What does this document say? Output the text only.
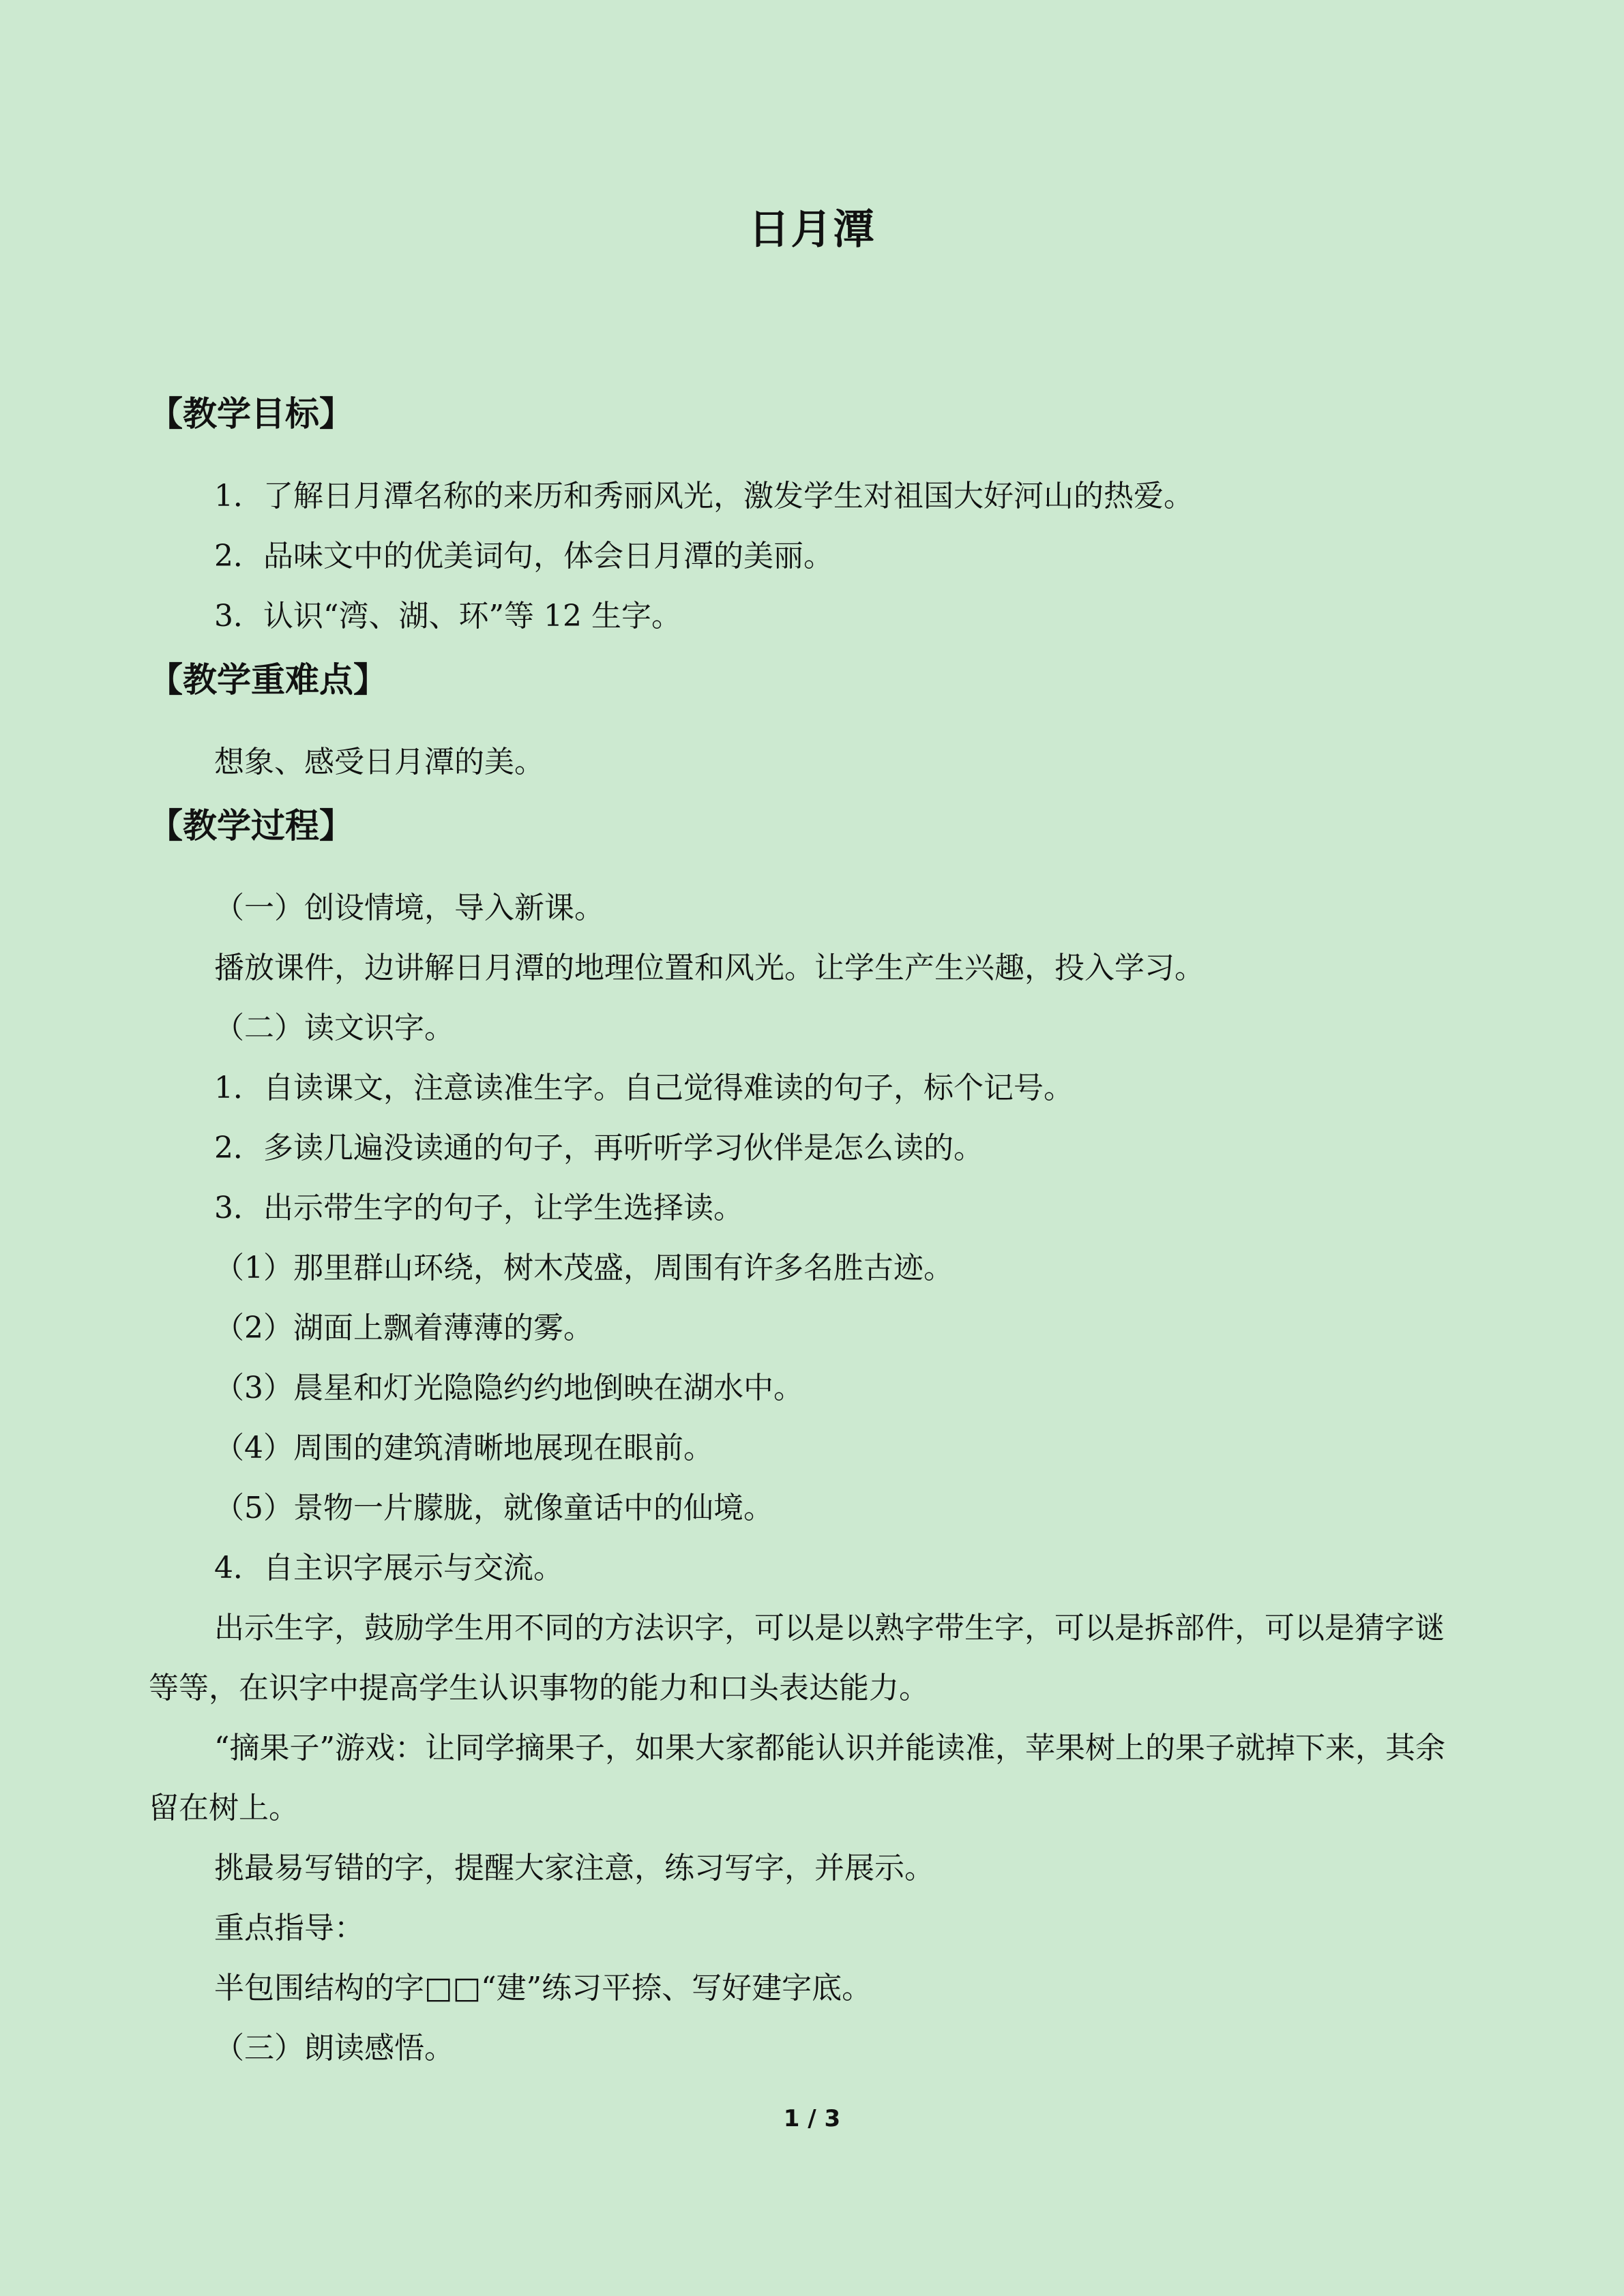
日月潭
【教学目标】
1．了解日月潭名称的来历和秀丽风光，激发学生对祖国大好河山的热爱。
2．品味文中的优美词句，体会日月潭的美丽。
3．认识“湾、湖、环”等 12 生字。
【教学重难点】
想象、感受日月潭的美。
【教学过程】
（一）创设情境，导入新课。
播放课件，边讲解日月潭的地理位置和风光。让学生产生兴趣，投入学习。
（二）读文识字。
1．自读课文，注意读准生字。自己觉得难读的句子，标个记号。
2．多读几遍没读通的句子，再听听学习伙伴是怎么读的。
3．出示带生字的句子，让学生选择读。
（1）那里群山环绕，树木茂盛，周围有许多名胜古迹。
（2）湖面上飘着薄薄的雾。
（3）晨星和灯光隐隐约约地倒映在湖水中。
（4）周围的建筑清晰地展现在眼前。
（5）景物一片朦胧，就像童话中的仙境。
4．自主识字展示与交流。
出示生字，鼓励学生用不同的方法识字，可以是以熟字带生字，可以是拆部件，可以是猜字谜等等，在识字中提高学生认识事物的能力和口头表达能力。
“摘果子”游戏：让同学摘果子，如果大家都能认识并能读准，苹果树上的果子就掉下来，其余留在树上。
挑最易写错的字，提醒大家注意，练习写字，并展示。
重点指导：
半包围结构的字□□“建”练习平捺、写好建字底。
（三）朗读感悟。
1 / 3
